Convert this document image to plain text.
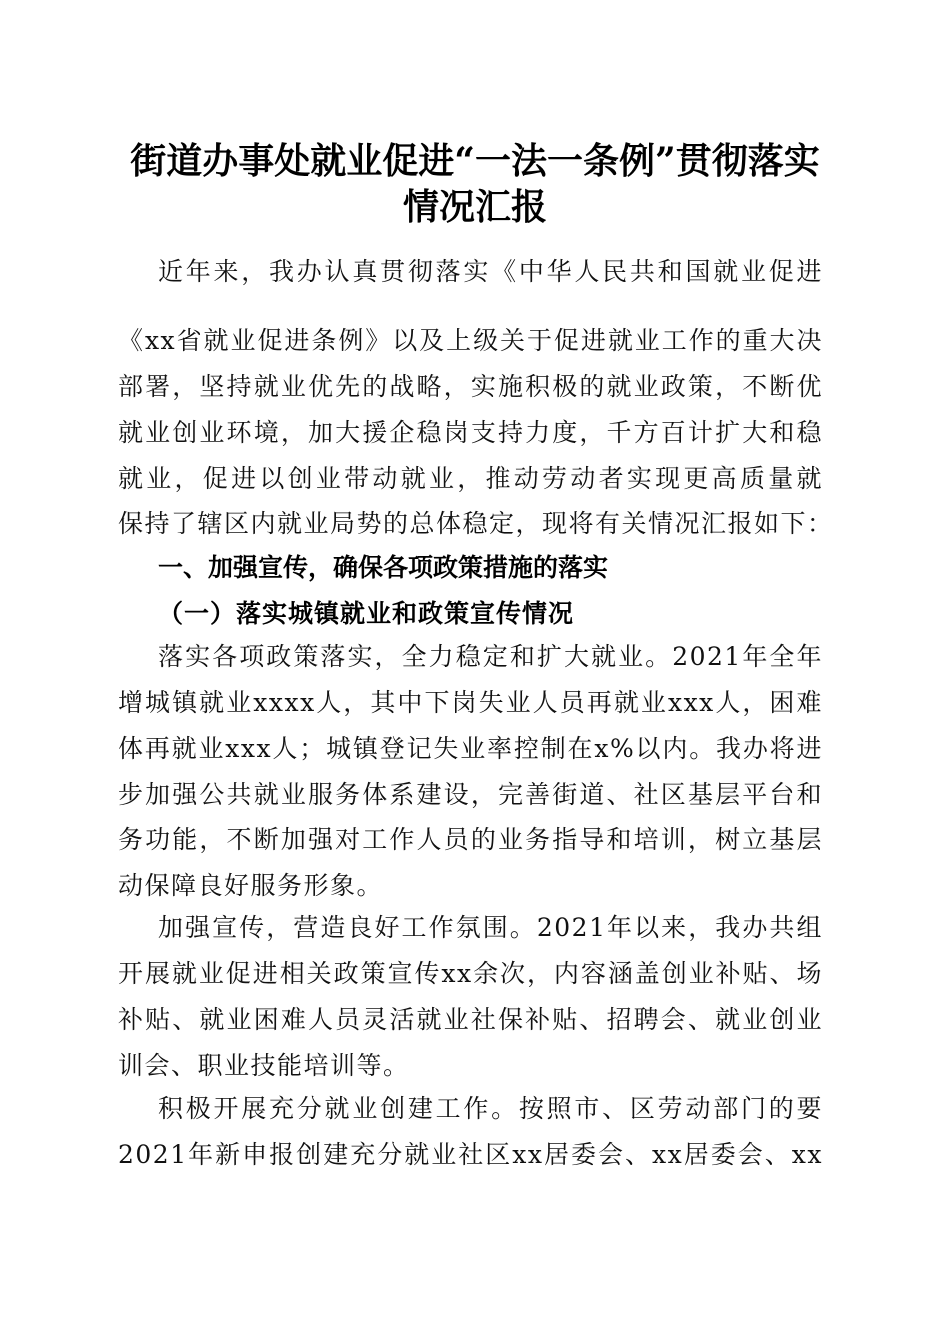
街道办事处就业促进“一法一条例”贯彻落实
情况汇报
近年来，我办认真贯彻落实《中华人民共和国就业促进
《xx省就业促进条例》以及上级关于促进就业工作的重大决
部署，坚持就业优先的战略，实施积极的就业政策，不断优
就业创业环境，加大援企稳岗支持力度，千方百计扩大和稳
就业，促进以创业带动就业，推动劳动者实现更高质量就
保持了辖区内就业局势的总体稳定，现将有关情况汇报如下：
一、加强宣传，确保各项政策措施的落实
（一）落实城镇就业和政策宣传情况
落实各项政策落实，全力稳定和扩大就业。2021年全年
增城镇就业xxxx人，其中下岗失业人员再就业xxx人，困难
体再就业xxx人；城镇登记失业率控制在x%以内。我办将进
步加强公共就业服务体系建设，完善街道、社区基层平台和
务功能，不断加强对工作人员的业务指导和培训，树立基层
动保障良好服务形象。
加强宣传，营造良好工作氛围。2021年以来，我办共组
开展就业促进相关政策宣传xx余次，内容涵盖创业补贴、场
补贴、就业困难人员灵活就业社保补贴、招聘会、就业创业
训会、职业技能培训等。
积极开展充分就业创建工作。按照市、区劳动部门的要
2021年新申报创建充分就业社区xx居委会、xx居委会、xx
